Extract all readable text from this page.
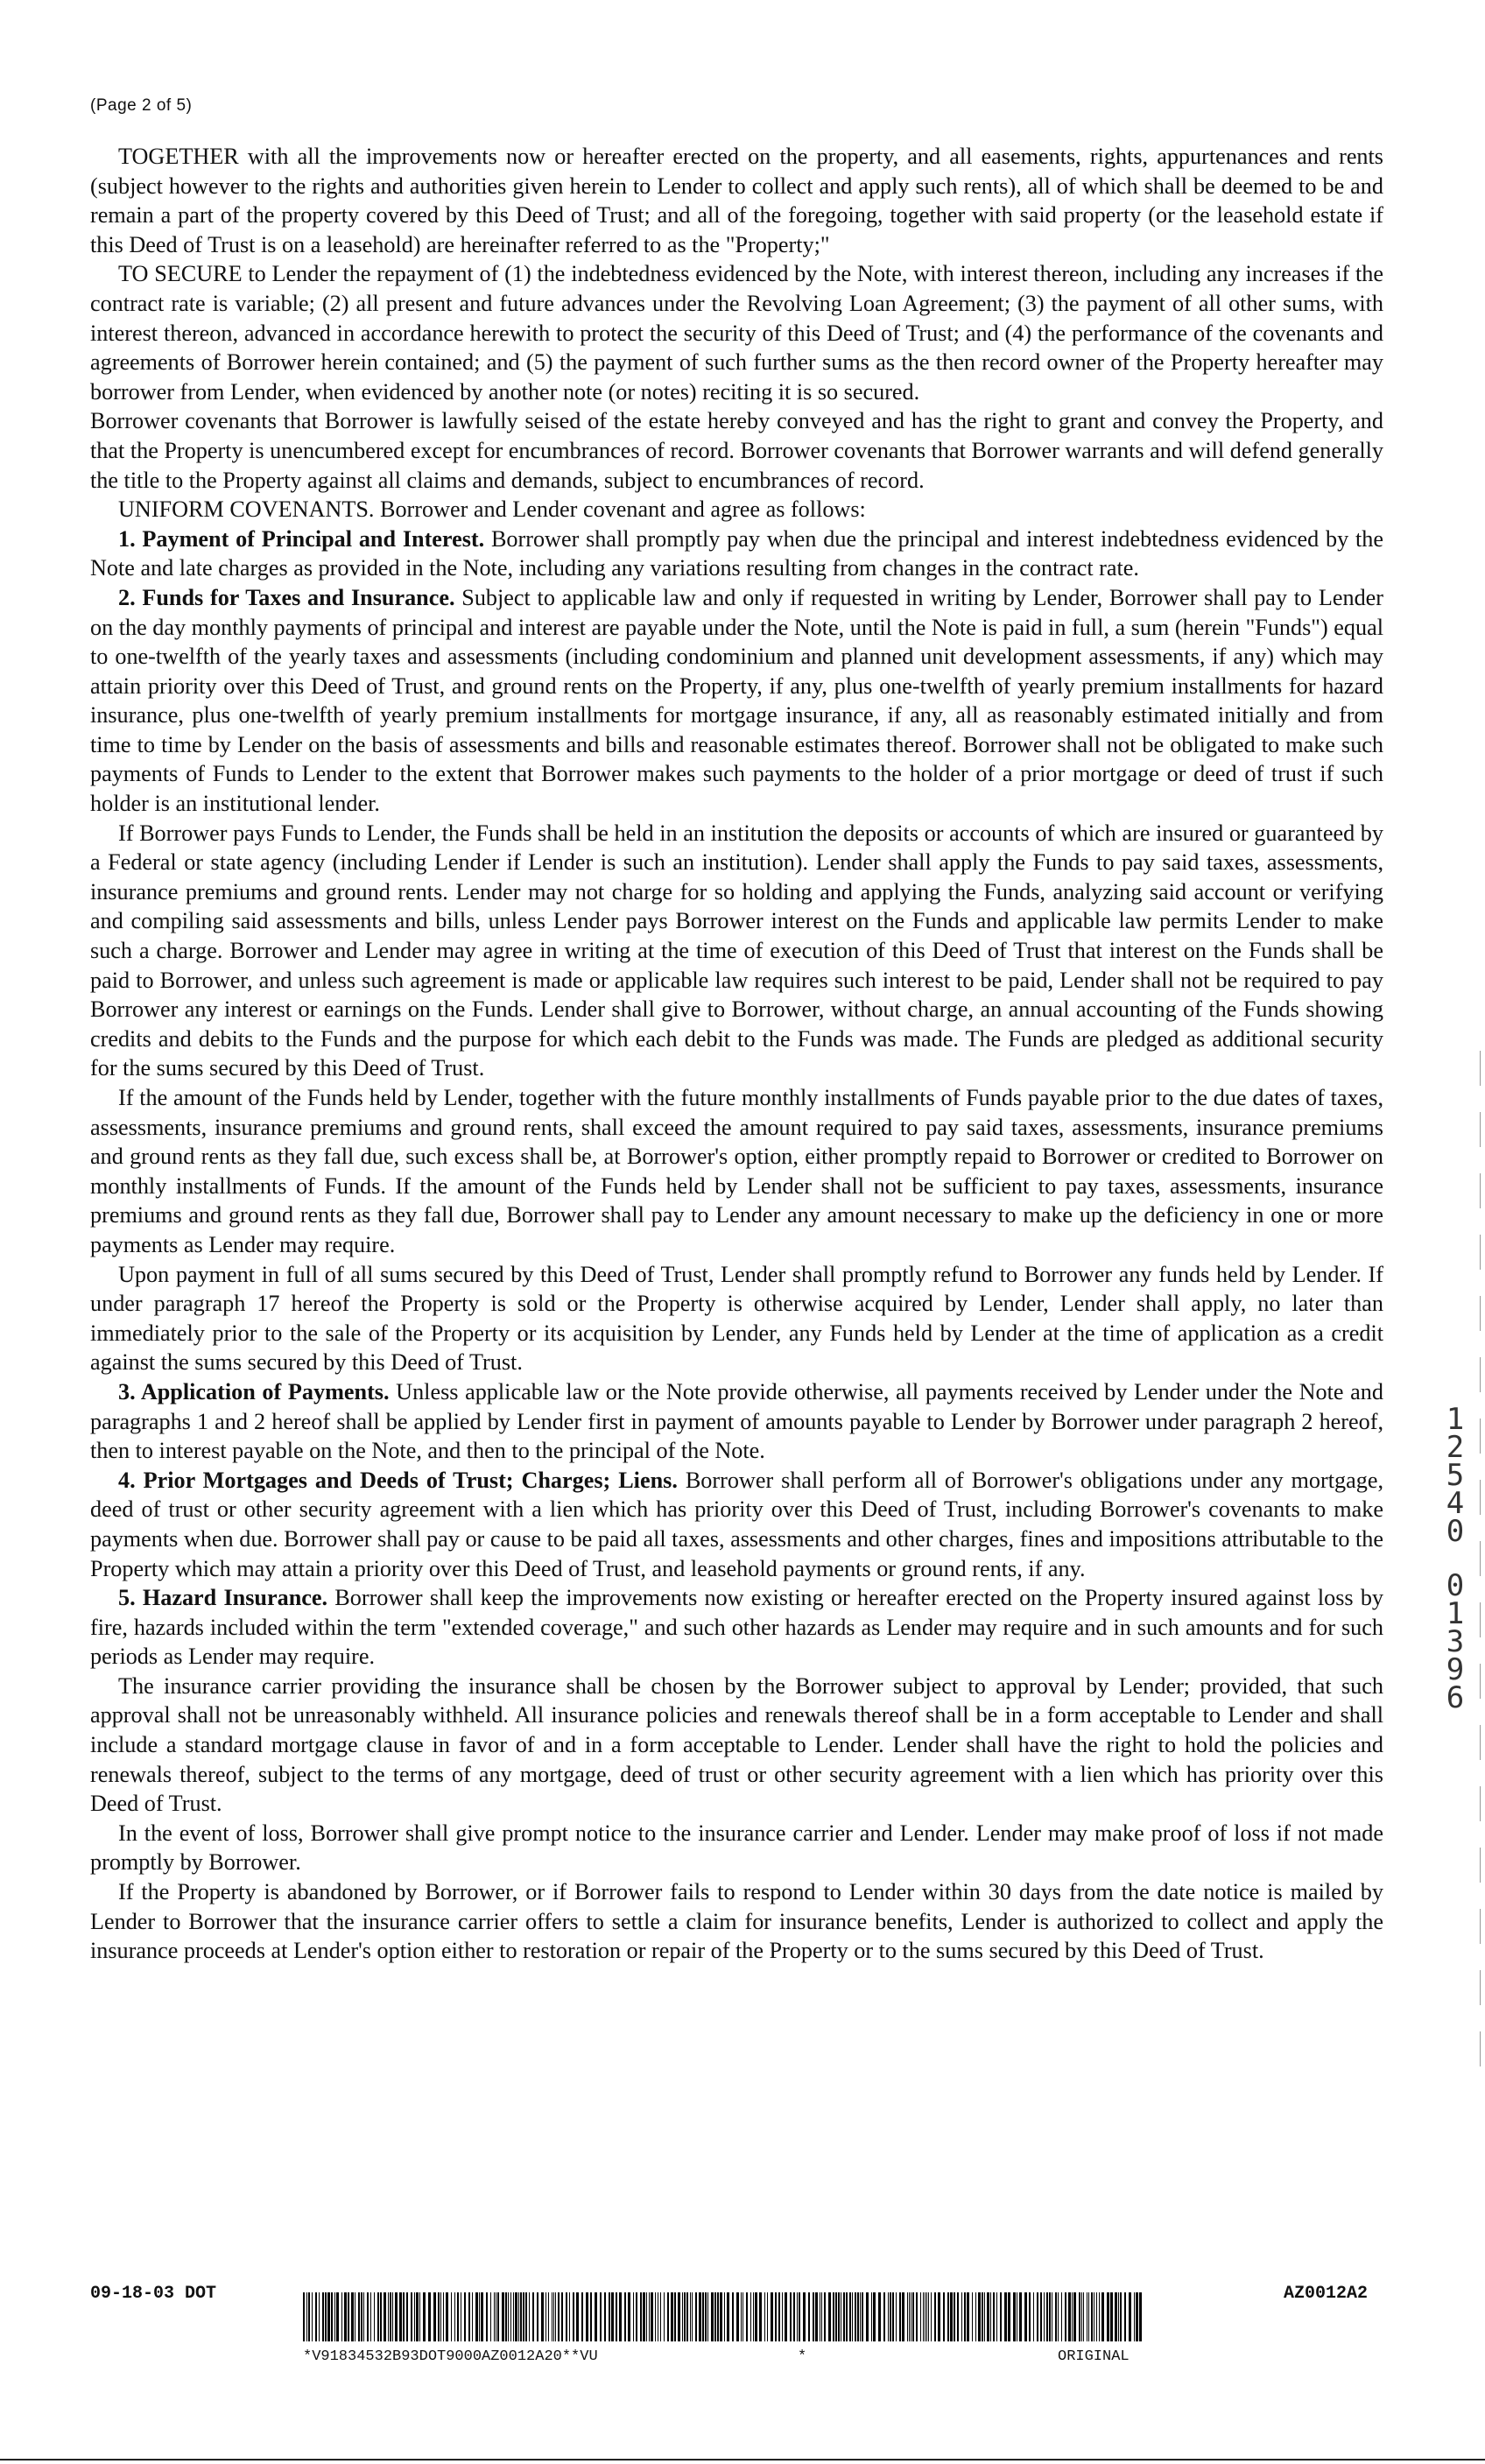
(Page 2 of 5)

TOGETHER with all the improvements now or hereafter erected on the property, and all easements, rights, appurtenances and rents (subject however to the rights and authorities given herein to Lender to collect and apply such rents), all of which shall be deemed to be and remain a part of the property covered by this Deed of Trust; and all of the foregoing, together with said property (or the leasehold estate if this Deed of Trust is on a leasehold) are hereinafter referred to as the "Property;"

TO SECURE to Lender the repayment of (1) the indebtedness evidenced by the Note, with interest thereon, including any increases if the contract rate is variable; (2) all present and future advances under the Revolving Loan Agreement; (3) the payment of all other sums, with interest thereon, advanced in accordance herewith to protect the security of this Deed of Trust; and (4) the performance of the covenants and agreements of Borrower herein contained; and (5) the payment of such further sums as the then record owner of the Property hereafter may borrower from Lender, when evidenced by another note (or notes) reciting it is so secured.

Borrower covenants that Borrower is lawfully seised of the estate hereby conveyed and has the right to grant and convey the Property, and that the Property is unencumbered except for encumbrances of record. Borrower covenants that Borrower warrants and will defend generally the title to the Property against all claims and demands, subject to encumbrances of record.

UNIFORM COVENANTS. Borrower and Lender covenant and agree as follows:

1. Payment of Principal and Interest. Borrower shall promptly pay when due the principal and interest indebtedness evidenced by the Note and late charges as provided in the Note, including any variations resulting from changes in the contract rate.

2. Funds for Taxes and Insurance. Subject to applicable law and only if requested in writing by Lender, Borrower shall pay to Lender on the day monthly payments of principal and interest are payable under the Note, until the Note is paid in full, a sum (herein "Funds") equal to one-twelfth of the yearly taxes and assessments (including condominium and planned unit development assessments, if any) which may attain priority over this Deed of Trust, and ground rents on the Property, if any, plus one-twelfth of yearly premium installments for hazard insurance, plus one-twelfth of yearly premium installments for mortgage insurance, if any, all as reasonably estimated initially and from time to time by Lender on the basis of assessments and bills and reasonable estimates thereof. Borrower shall not be obligated to make such payments of Funds to Lender to the extent that Borrower makes such payments to the holder of a prior mortgage or deed of trust if such holder is an institutional lender.

If Borrower pays Funds to Lender, the Funds shall be held in an institution the deposits or accounts of which are insured or guaranteed by a Federal or state agency (including Lender if Lender is such an institution). Lender shall apply the Funds to pay said taxes, assessments, insurance premiums and ground rents. Lender may not charge for so holding and applying the Funds, analyzing said account or verifying and compiling said assessments and bills, unless Lender pays Borrower interest on the Funds and applicable law permits Lender to make such a charge. Borrower and Lender may agree in writing at the time of execution of this Deed of Trust that interest on the Funds shall be paid to Borrower, and unless such agreement is made or applicable law requires such interest to be paid, Lender shall not be required to pay Borrower any interest or earnings on the Funds. Lender shall give to Borrower, without charge, an annual accounting of the Funds showing credits and debits to the Funds and the purpose for which each debit to the Funds was made. The Funds are pledged as additional security for the sums secured by this Deed of Trust.

If the amount of the Funds held by Lender, together with the future monthly installments of Funds payable prior to the due dates of taxes, assessments, insurance premiums and ground rents, shall exceed the amount required to pay said taxes, assessments, insurance premiums and ground rents as they fall due, such excess shall be, at Borrower's option, either promptly repaid to Borrower or credited to Borrower on monthly installments of Funds. If the amount of the Funds held by Lender shall not be sufficient to pay taxes, assessments, insurance premiums and ground rents as they fall due, Borrower shall pay to Lender any amount necessary to make up the deficiency in one or more payments as Lender may require.

Upon payment in full of all sums secured by this Deed of Trust, Lender shall promptly refund to Borrower any funds held by Lender. If under paragraph 17 hereof the Property is sold or the Property is otherwise acquired by Lender, Lender shall apply, no later than immediately prior to the sale of the Property or its acquisition by Lender, any Funds held by Lender at the time of application as a credit against the sums secured by this Deed of Trust.

3. Application of Payments. Unless applicable law or the Note provide otherwise, all payments received by Lender under the Note and paragraphs 1 and 2 hereof shall be applied by Lender first in payment of amounts payable to Lender by Borrower under paragraph 2 hereof, then to interest payable on the Note, and then to the principal of the Note.

4. Prior Mortgages and Deeds of Trust; Charges; Liens. Borrower shall perform all of Borrower's obligations under any mortgage, deed of trust or other security agreement with a lien which has priority over this Deed of Trust, including Borrower's covenants to make payments when due. Borrower shall pay or cause to be paid all taxes, assessments and other charges, fines and impositions attributable to the Property which may attain a priority over this Deed of Trust, and leasehold payments or ground rents, if any.

5. Hazard Insurance. Borrower shall keep the improvements now existing or hereafter erected on the Property insured against loss by fire, hazards included within the term "extended coverage," and such other hazards as Lender may require and in such amounts and for such periods as Lender may require.

The insurance carrier providing the insurance shall be chosen by the Borrower subject to approval by Lender; provided, that such approval shall not be unreasonably withheld. All insurance policies and renewals thereof shall be in a form acceptable to Lender and shall include a standard mortgage clause in favor of and in a form acceptable to Lender. Lender shall have the right to hold the policies and renewals thereof, subject to the terms of any mortgage, deed of trust or other security agreement with a lien which has priority over this Deed of Trust.

In the event of loss, Borrower shall give prompt notice to the insurance carrier and Lender. Lender may make proof of loss if not made promptly by Borrower.

If the Property is abandoned by Borrower, or if Borrower fails to respond to Lender within 30 days from the date notice is mailed by Lender to Borrower that the insurance carrier offers to settle a claim for insurance benefits, Lender is authorized to collect and apply the insurance proceeds at Lender's option either to restoration or repair of the Property or to the sums secured by this Deed of Trust.

1
2
5
4
0
0
1
3
9
6
09-18-03 DOT	AZ0012A2
*V91834532B93DOT9000AZ0012A20**VU	*	ORIGINAL
